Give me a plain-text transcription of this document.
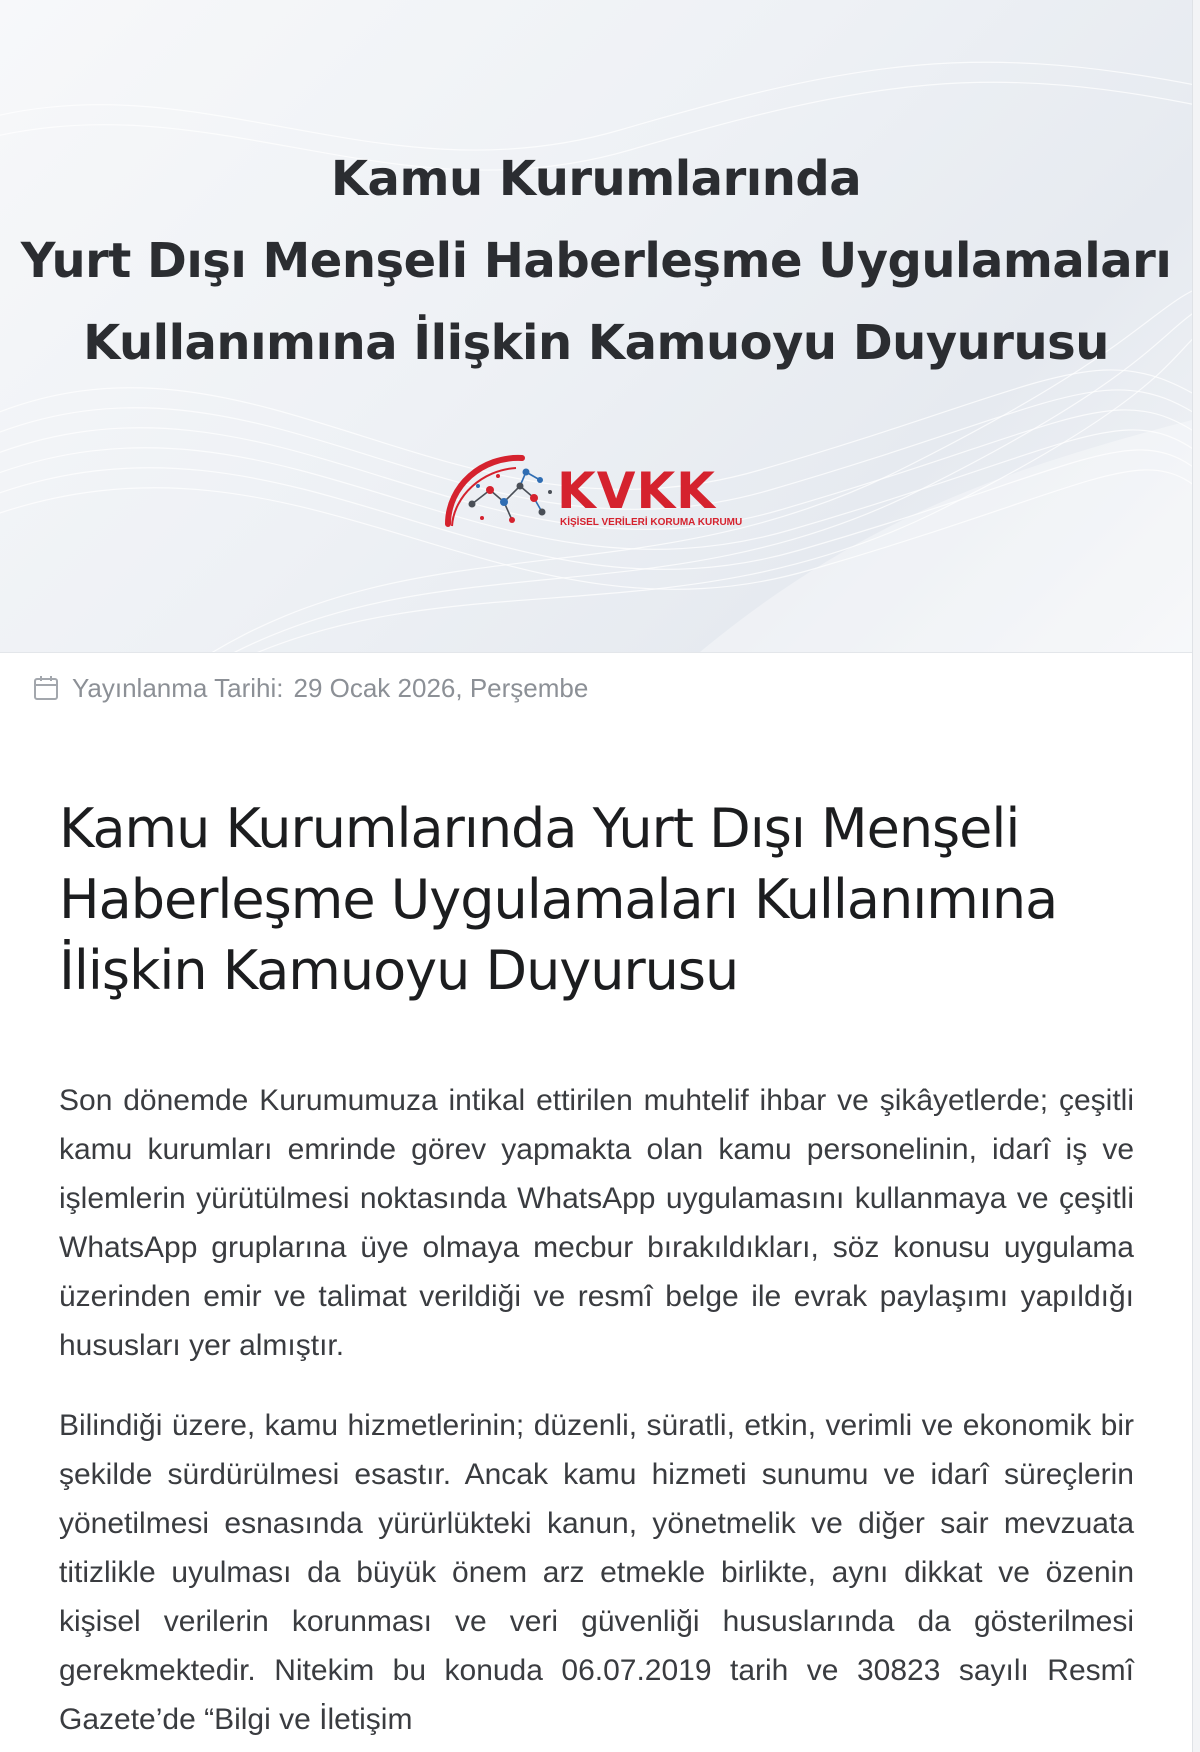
Kamu Kurumlarında
Yurt Dışı Menşeli Haberleşme Uygulamaları
Kullanımına İlişkin Kamuoyu Duyurusu
KVKK
KİŞİSEL VERİLERİ KORUMA KURUMU
Yayınlanma Tarihi: 29 Ocak 2026, Perşembe
Kamu Kurumlarında Yurt Dışı Menşeli Haberleşme Uygulamaları Kullanımına İlişkin Kamuoyu Duyurusu

Son dönemde Kurumumuza intikal ettirilen muhtelif ihbar ve şikâyetlerde; çeşitli kamu kurumları emrinde görev yapmakta olan kamu personelinin, idarî iş ve işlemlerin yürütülmesi noktasında WhatsApp uygulamasını kullanmaya ve çeşitli WhatsApp gruplarına üye olmaya mecbur bırakıldıkları, söz konusu uygulama üzerinden emir ve talimat verildiği ve resmî belge ile evrak paylaşımı yapıldığı hususları yer almıştır.

Bilindiği üzere, kamu hizmetlerinin; düzenli, süratli, etkin, verimli ve ekonomik bir şekilde sürdürülmesi esastır. Ancak kamu hizmeti sunumu ve idarî süreçlerin yönetilmesi esnasında yürürlükteki kanun, yönetmelik ve diğer sair mevzuata titizlikle uyulması da büyük önem arz etmekle birlikte, aynı dikkat ve özenin kişisel verilerin korunması ve veri güvenliği hususlarında da gösterilmesi gerekmektedir. Nitekim bu konuda 06.07.2019 tarih ve 30823 sayılı Resmî Gazete’de “Bilgi ve İletişim
